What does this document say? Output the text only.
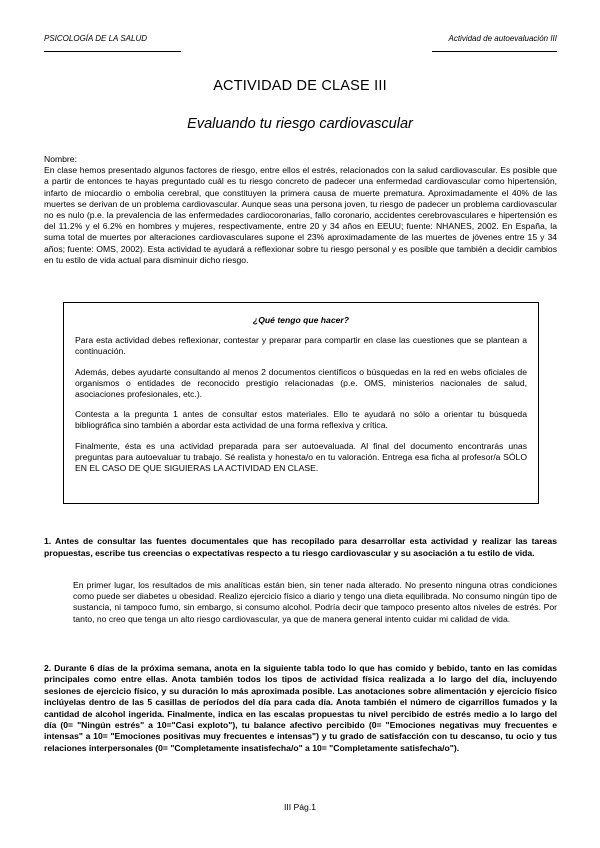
PSICOLOGÍA DE LA SALUD	Actividad de autoevaluación III
ACTIVIDAD DE CLASE III
Evaluando tu riesgo cardiovascular

Nombre:

En clase hemos presentado algunos factores de riesgo, entre ellos el estrés, relacionados con la salud cardiovascular. Es posible que a partir de entonces te hayas preguntado cuál es tu riesgo concreto de padecer una enfermedad cardiovascular como hipertensión, infarto de miocardio o embolia cerebral, que constituyen la primera causa de muerte prematura. Aproximadamente el 40% de las muertes se derivan de un problema cardiovascular. Aunque seas una persona joven, tu riesgo de padecer un problema cardiovascular no es nulo (p.e. la prevalencia de las enfermedades cardiocoronarias, fallo coronario, accidentes cerebrovasculares e hipertensión es del 11.2% y el 6.2% en hombres y mujeres, respectivamente, entre 20 y 34 años en EEUU; fuente: NHANES, 2002. En España, la suma total de muertes por alteraciones cardiovasculares supone el 23% aproximadamente de las muertes de jóvenes entre 15 y 34 años; fuente: OMS, 2002). Esta actividad te ayudará a reflexionar sobre tu riesgo personal y es posible que también a decidir cambios en tu estilo de vida actual para disminuir dicho riesgo.

¿Qué tengo que hacer?

Para esta actividad debes reflexionar, contestar y preparar para compartir en clase las cuestiones que se plantean a continuación.

Además, debes ayudarte consultando al menos 2 documentos científicos o búsquedas en la red en webs oficiales de organismos o entidades de reconocido prestigio relacionadas (p.e. OMS, ministerios nacionales de salud, asociaciones profesionales, etc.).

Contesta a la pregunta 1 antes de consultar estos materiales. Ello te ayudará no sólo a orientar tu búsqueda bibliográfica sino también a abordar esta actividad de una forma reflexiva y crítica.

Finalmente, ésta es una actividad preparada para ser autoevaluada. Al final del documento encontrarás unas preguntas para autoevaluar tu trabajo. Sé realista y honesta/o en tu valoración. Entrega esa ficha al profesor/a SÓLO EN EL CASO DE QUE SIGUIERAS LA ACTIVIDAD EN CLASE.

1. Antes de consultar las fuentes documentales que has recopilado para desarrollar esta actividad y realizar las tareas propuestas, escribe tus creencias o expectativas respecto a tu riesgo cardiovascular y su asociación a tu estilo de vida.
En primer lugar, los resultados de mis analíticas están bien, sin tener nada alterado. No presento ninguna otras condiciones como puede ser diabetes u obesidad. Realizo ejercicio físico a diario y tengo una dieta equilibrada. No consumo ningún tipo de sustancia, ni tampoco fumo, sin embargo, si consumo alcohol. Podría decir que tampoco presento altos niveles de estrés. Por tanto, no creo que tenga un alto riesgo cardiovascular, ya que de manera general intento cuidar mi calidad de vida.
2. Durante 6 días de la próxima semana, anota en la siguiente tabla todo lo que has comido y bebido, tanto en las comidas principales como entre ellas. Anota también todos los tipos de actividad física realizada a lo largo del día, incluyendo sesiones de ejercicio físico, y su duración lo más aproximada posible. Las anotaciones sobre alimentación y ejercicio físico inclúyelas dentro de las 5 casillas de períodos del día para cada día. Anota también el número de cigarrillos fumados y la cantidad de alcohol ingerida. Finalmente, indica en las escalas propuestas tu nivel percibido de estrés medio a lo largo del día (0= "Ningún estrés" a 10="Casi exploto"), tu balance afectivo percibido (0= "Emociones negativas muy frecuentes e intensas" a 10= "Emociones positivas muy frecuentes e intensas") y tu grado de satisfacción con tu descanso, tu ocio y tus relaciones interpersonales (0= "Completamente insatisfecha/o" a 10= "Completamente satisfecha/o").
III Pág.1
